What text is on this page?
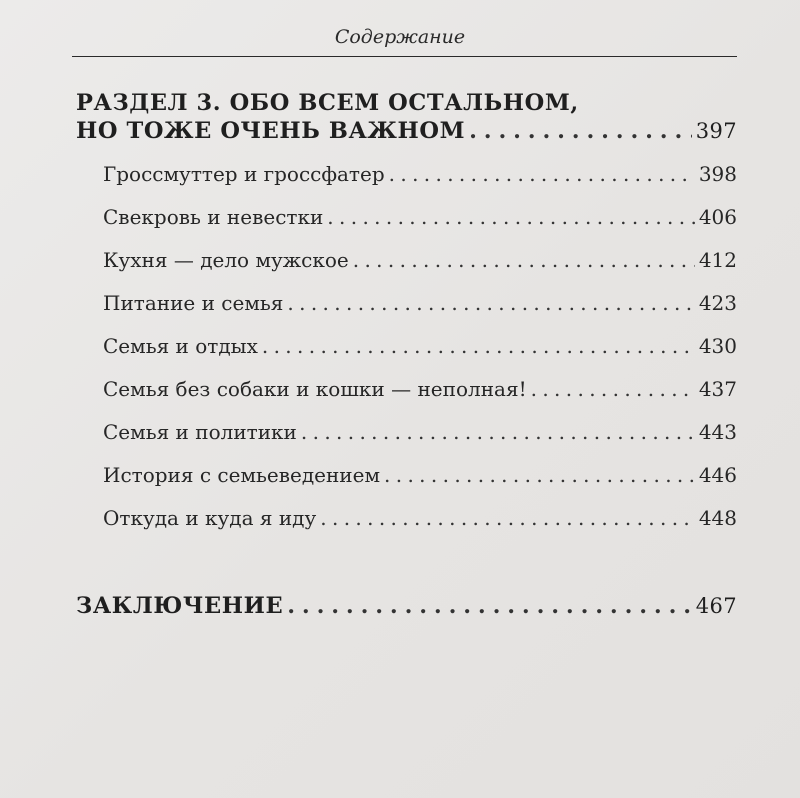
Содержание
РАЗДЕЛ 3. ОБО ВСЕМ ОСТАЛЬНОМ,
НО ТОЖЕ ОЧЕНЬ ВАЖНОМ . . .	397
Гроссмуттер и гроссфатер . . .	398
Свекровь и невестки . . .	406
Кухня — дело мужское . . .	412
Питание и семья . . .	423
Семья и отдых . . .	430
Семья без собаки и кошки — неполная! . . .	437
Семья и политики . . .	443
История с семьеведением . . .	446
Откуда и куда я иду . . .	448
ЗАКЛЮЧЕНИЕ . . .	467
